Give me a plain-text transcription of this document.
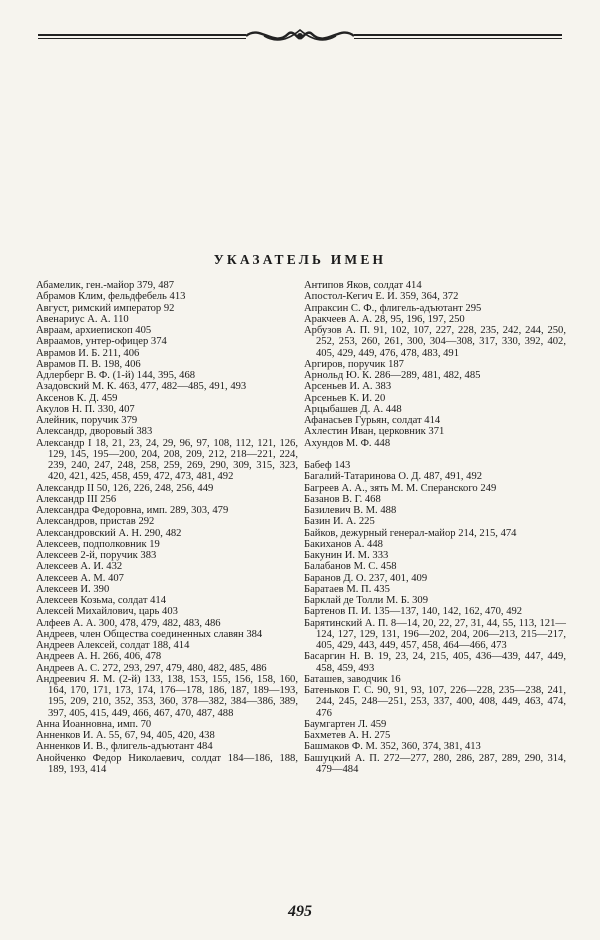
УКАЗАТЕЛЬ ИМЕН
Абамелик, ген.-майор 379, 487
Абрамов Клим, фельдфебель 413
Август, римский император 92
Авенариус А. А. 110
Авраам, архиепископ 405
Авраамов, унтер-офицер 374
Аврамов И. Б. 211, 406
Аврамов П. В. 198, 406
Адлерберг В. Ф. (1-й) 144, 395, 468
Азадовский М. К. 463, 477, 482—485, 491, 493
Аксенов К. Д. 459
Акулов Н. П. 330, 407
Алейник, поручик 379
Александр, дворовый 383
Александр I 18, 21, 23, 24, 29, 96, 97, 108, 112, 121, 126, 129, 145, 195—200, 204, 208, 209, 212, 218—221, 224, 239, 240, 247, 248, 258, 259, 269, 290, 309, 315, 323, 420, 421, 425, 458, 459, 472, 473, 481, 492
Александр II 50, 126, 226, 248, 256, 449
Александр III 256
Александра Федоровна, имп. 289, 303, 479
Александров, пристав 292
Александровский А. Н. 290, 482
Алексеев, подполковник 19
Алексеев 2-й, поручик 383
Алексеев А. И. 432
Алексеев А. М. 407
Алексеев И. 390
Алексеев Козьма, солдат 414
Алексей Михайлович, царь 403
Алфеев А. А. 300, 478, 479, 482, 483, 486
Андреев, член Общества соединенных славян 384
Андреев Алексей, солдат 188, 414
Андреев А. Н. 266, 406, 478
Андреев А. С. 272, 293, 297, 479, 480, 482, 485, 486
Андреевич Я. М. (2-й) 133, 138, 153, 155, 156, 158, 160, 164, 170, 171, 173, 174, 176—178, 186, 187, 189—193, 195, 209, 210, 352, 353, 360, 378—382, 384—386, 389, 397, 405, 415, 449, 466, 467, 470, 487, 488
Анна Иоанновна, имп. 70
Анненков И. А. 55, 67, 94, 405, 420, 438
Анненков И. В., флигель-адъютант 484
Анойченко Федор Николаевич, солдат 184—186, 188, 189, 193, 414
Антипов Яков, солдат 414
Апостол-Кегич Е. И. 359, 364, 372
Апраксин С. Ф., флигель-адъютант 295
Аракчеев А. А. 28, 95, 196, 197, 250
Арбузов А. П. 91, 102, 107, 227, 228, 235, 242, 244, 250, 252, 253, 260, 261, 300, 304—308, 317, 330, 392, 402, 405, 429, 449, 476, 478, 483, 491
Аргиров, поручик 187
Арнольд Ю. К. 286—289, 481, 482, 485
Арсеньев И. А. 383
Арсеньев К. И. 20
Арцыбашев Д. А. 448
Афанасьев Гурьян, солдат 414
Ахлестин Иван, церковник 371
Ахундов М. Ф. 448
Бабеф 143
Багалий-Татаринова О. Д. 487, 491, 492
Багреев А. А., зять М. М. Сперанского 249
Базанов В. Г. 468
Базилевич В. М. 488
Базин И. А. 225
Байков, дежурный генерал-майор 214, 215, 474
Бакиханов А. 448
Бакунин И. М. 333
Балабанов М. С. 458
Баранов Д. О. 237, 401, 409
Баратаев М. П. 435
Барклай де Толли М. Б. 309
Бартенов П. И. 135—137, 140, 142, 162, 470, 492
Барятинский А. П. 8—14, 20, 22, 27, 31, 44, 55, 113, 121—124, 127, 129, 131, 196—202, 204, 206—213, 215—217, 405, 429, 443, 449, 457, 458, 464—466, 473
Басаргин Н. В. 19, 23, 24, 215, 405, 436—439, 447, 449, 458, 459, 493
Баташев, заводчик 16
Батеньков Г. С. 90, 91, 93, 107, 226—228, 235—238, 241, 244, 245, 248—251, 253, 337, 400, 408, 449, 463, 474, 476
Баумгартен Л. 459
Бахметев А. Н. 275
Башмаков Ф. М. 352, 360, 374, 381, 413
Башуцкий А. П. 272—277, 280, 286, 287, 289, 290, 314, 479—484
495
